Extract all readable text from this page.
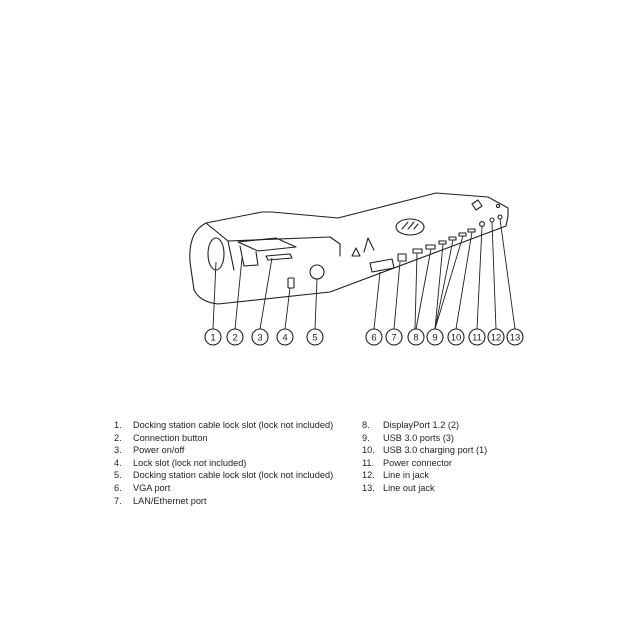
1 2 3 4	5	6 7 8 9 10 11 12 13
1.	Docking station cable lock slot (lock not included)
2.	Connection button
3.	Power on/off
4.	Lock slot (lock not included)
5.	Docking station cable lock slot (lock not included)
6.	VGA port
7.	LAN/Ethernet port
8.	DisplayPort 1.2 (2)
9.	USB 3.0 ports (3)
10. USB 3.0 charging port (1)
11. Power connector
12. Line in jack
13. Line out jack
